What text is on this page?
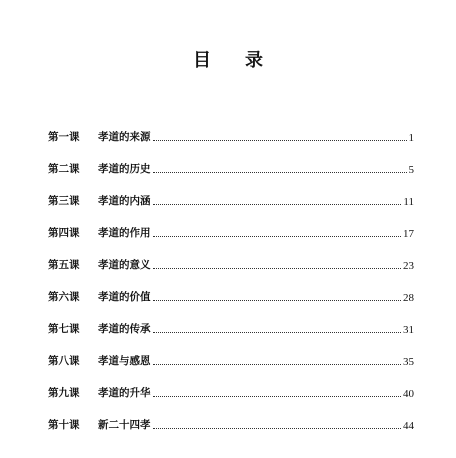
目 录
第一课	孝道的来源	1
第二课	孝道的历史	5
第三课	孝道的内涵	11
第四课	孝道的作用	17
第五课	孝道的意义	23
第六课	孝道的价值	28
第七课	孝道的传承	31
第八课	孝道与感恩	35
第九课	孝道的升华	40
第十课	新二十四孝	44
